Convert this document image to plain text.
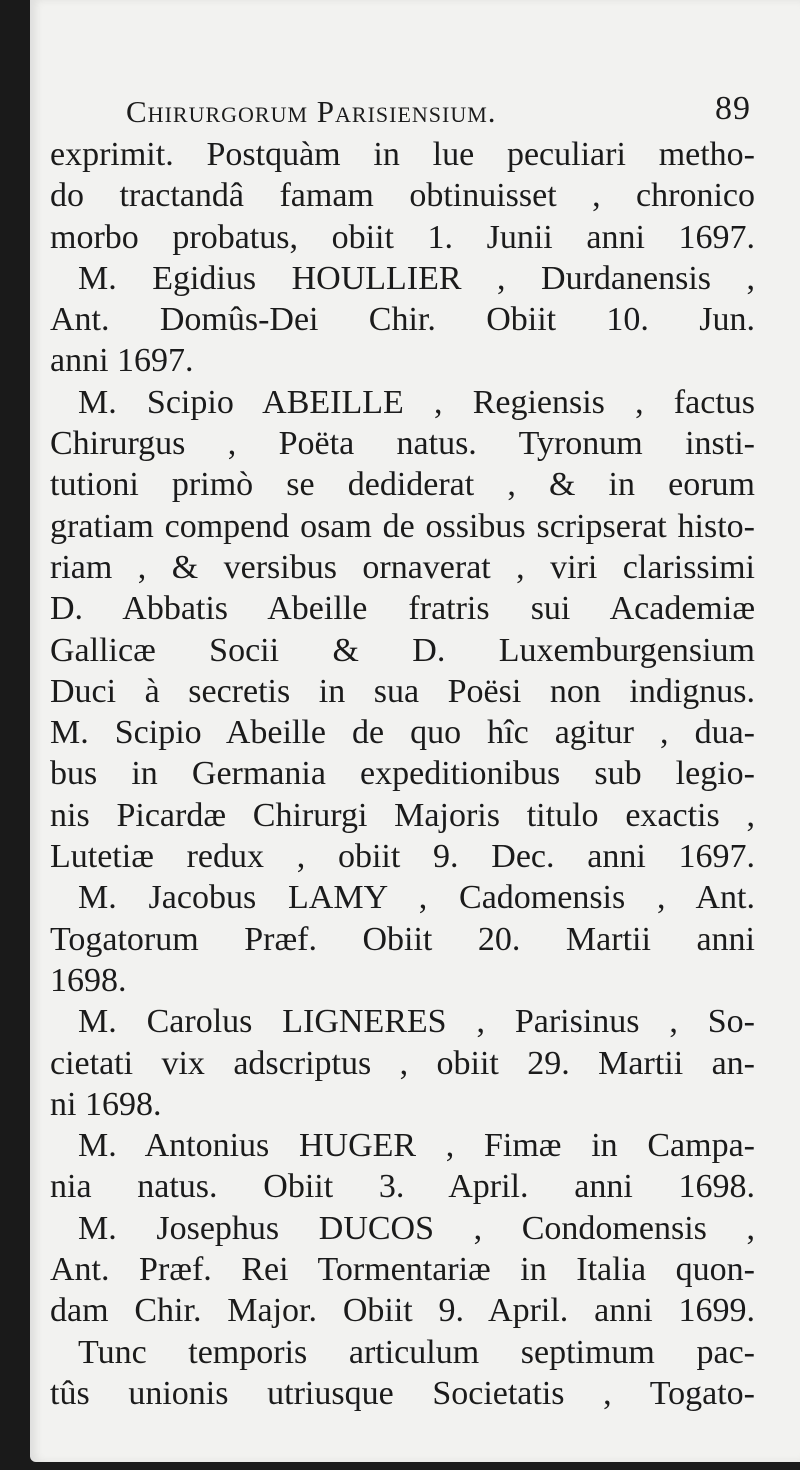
Chirurgorum Parisiensium.	89
exprimit. Postquàm in lue peculiari metho-
do tractandâ famam obtinuisset , chronico
morbo probatus, obiit 1. Junii anni 1697.
M. Egidius HOULLIER , Durdanensis ,
Ant. Domûs-Dei Chir. Obiit 10. Jun.
anni 1697.
M. Scipio ABEILLE , Regiensis , factus
Chirurgus , Poëta natus. Tyronum insti-
tutioni primò se dediderat , & in eorum
gratiam compend osam de ossibus scripserat histo-
riam , & versibus ornaverat , viri clarissimi
D. Abbatis Abeille fratris sui Academiæ
Gallicæ Socii & D. Luxemburgensium
Duci à secretis in sua Poësi non indignus.
M. Scipio Abeille de quo hîc agitur , dua-
bus in Germania expeditionibus sub legio-
nis Picardæ Chirurgi Majoris titulo exactis ,
Lutetiæ redux , obiit 9. Dec. anni 1697.
M. Jacobus LAMY , Cadomensis , Ant.
Togatorum Præf. Obiit 20. Martii anni
1698.
M. Carolus LIGNERES , Parisinus , So-
cietati vix adscriptus , obiit 29. Martii an-
ni 1698.
M. Antonius HUGER , Fimæ in Campa-
nia natus. Obiit 3. April. anni 1698.
M. Josephus DUCOS , Condomensis ,
Ant. Præf. Rei Tormentariæ in Italia quon-
dam Chir. Major. Obiit 9. April. anni 1699.
Tunc temporis articulum septimum pac-
tûs unionis utriusque Societatis , Togato-
